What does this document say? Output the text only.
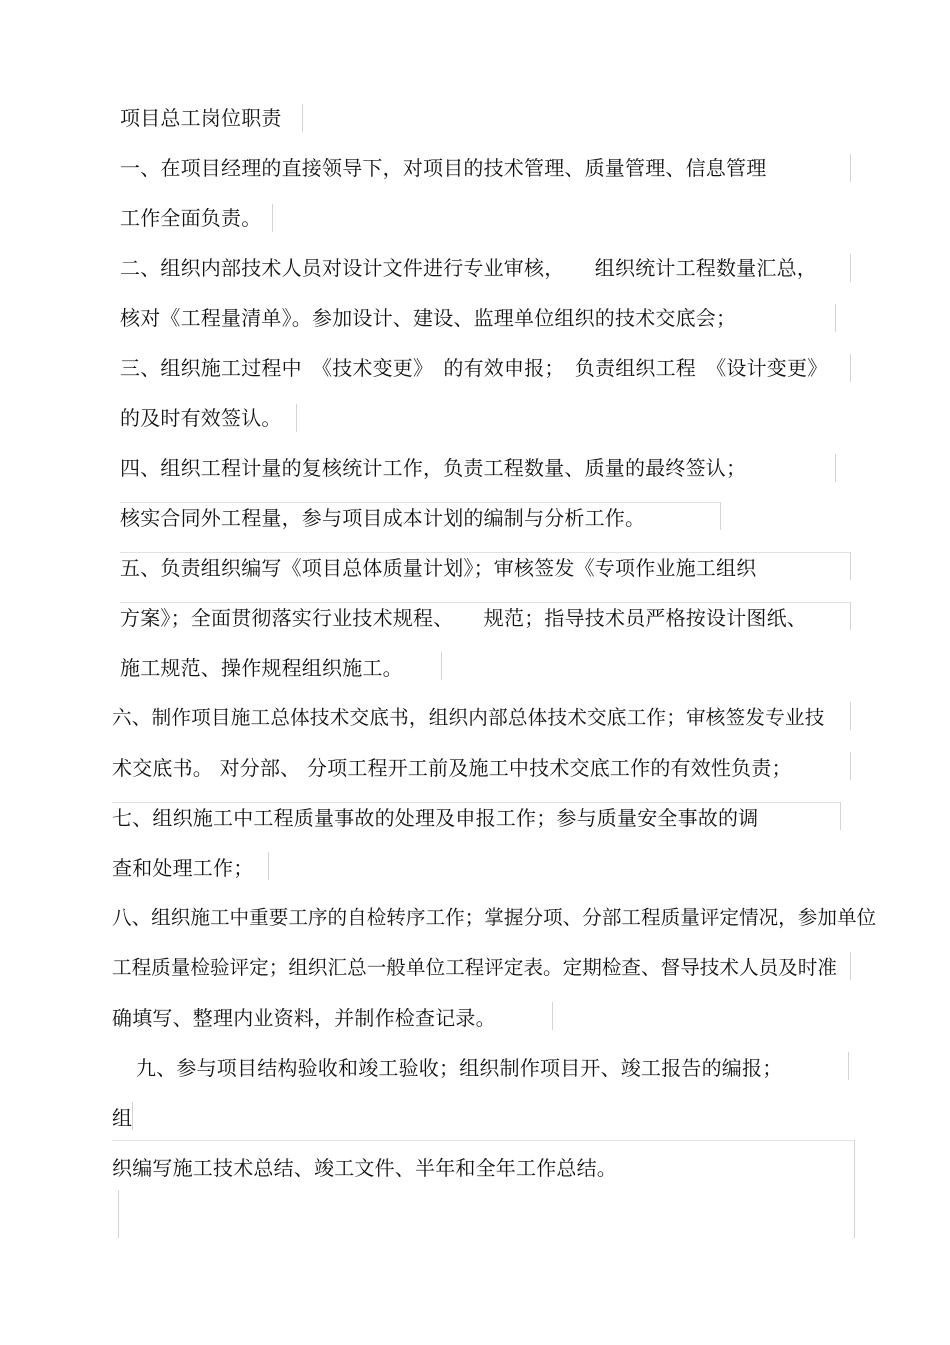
项目总工岗位职责
一、在项目经理的直接领导下，对项目的技术管理、质量管理、信息管理
工作全面负责。
二、组织内部技术人员对设计文件进行专业审核，　　组织统计工程数量汇总，
核对《工程量清单》。参加设计、建设、监理单位组织的技术交底会；
三、组织施工过程中　《技术变更》　的有效申报；　负责组织工程　《设计变更》
的及时有效签认。
四、组织工程计量的复核统计工作，负责工程数量、质量的最终签认；
核实合同外工程量，参与项目成本计划的编制与分析工作。
五、负责组织编写《项目总体质量计划》；审核签发《专项作业施工组织
方案》；全面贯彻落实行业技术规程、　　规范；指导技术员严格按设计图纸、
施工规范、操作规程组织施工。
六、制作项目施工总体技术交底书，组织内部总体技术交底工作；审核签发专业技
术交底书。 对分部、 分项工程开工前及施工中技术交底工作的有效性负责；
七、组织施工中工程质量事故的处理及申报工作；参与质量安全事故的调
查和处理工作；
八、组织施工中重要工序的自检转序工作；掌握分项、分部工程质量评定情况，参加单位
工程质量检验评定；组织汇总一般单位工程评定表。定期检查、督导技术人员及时准
确填写、整理内业资料，并制作检查记录。
九、参与项目结构验收和竣工验收；组织制作项目开、竣工报告的编报；
组
织编写施工技术总结、竣工文件、半年和全年工作总结。
